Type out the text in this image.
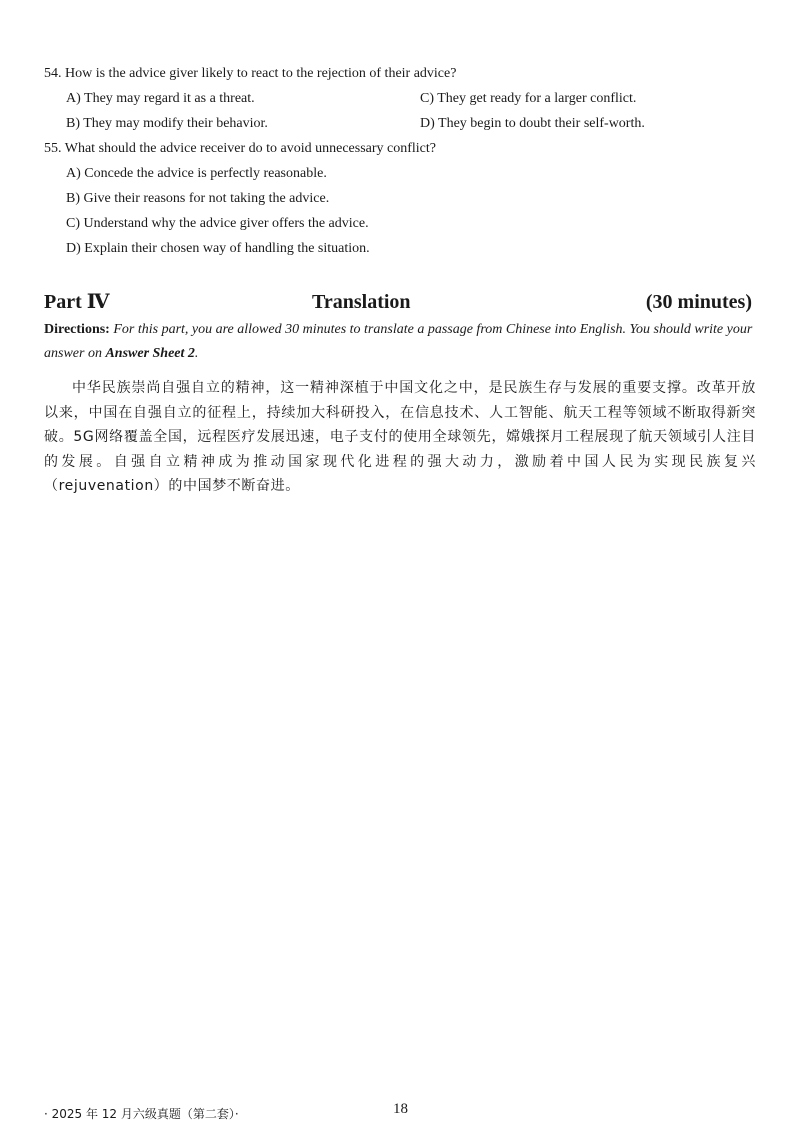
54. How is the advice giver likely to react to the rejection of their advice?
A) They may regard it as a threat.	C) They get ready for a larger conflict.
B) They may modify their behavior.	D) They begin to doubt their self-worth.
55. What should the advice receiver do to avoid unnecessary conflict?
A) Concede the advice is perfectly reasonable.
B) Give their reasons for not taking the advice.
C) Understand why the advice giver offers the advice.
D) Explain their chosen way of handling the situation.
Part Ⅳ	Translation	(30 minutes)
Directions: For this part, you are allowed 30 minutes to translate a passage from Chinese into English. You should write your answer on Answer Sheet 2.
中华民族崇尚自强自立的精神，这一精神深植于中国文化之中，是民族生存与发展的重要支撑。改革开放以来，中国在自强自立的征程上，持续加大科研投入，在信息技术、人工智能、航天工程等领域不断取得新突破。5G网络覆盖全国，远程医疗发展迅速，电子支付的使用全球领先，嫦娥探月工程展现了航天领域引人注目的发展。自强自立精神成为推动国家现代化进程的强大动力，激励着中国人民为实现民族复兴（rejuvenation）的中国梦不断奋进。
· 2025 年 12 月六级真题（第二套）·	18
